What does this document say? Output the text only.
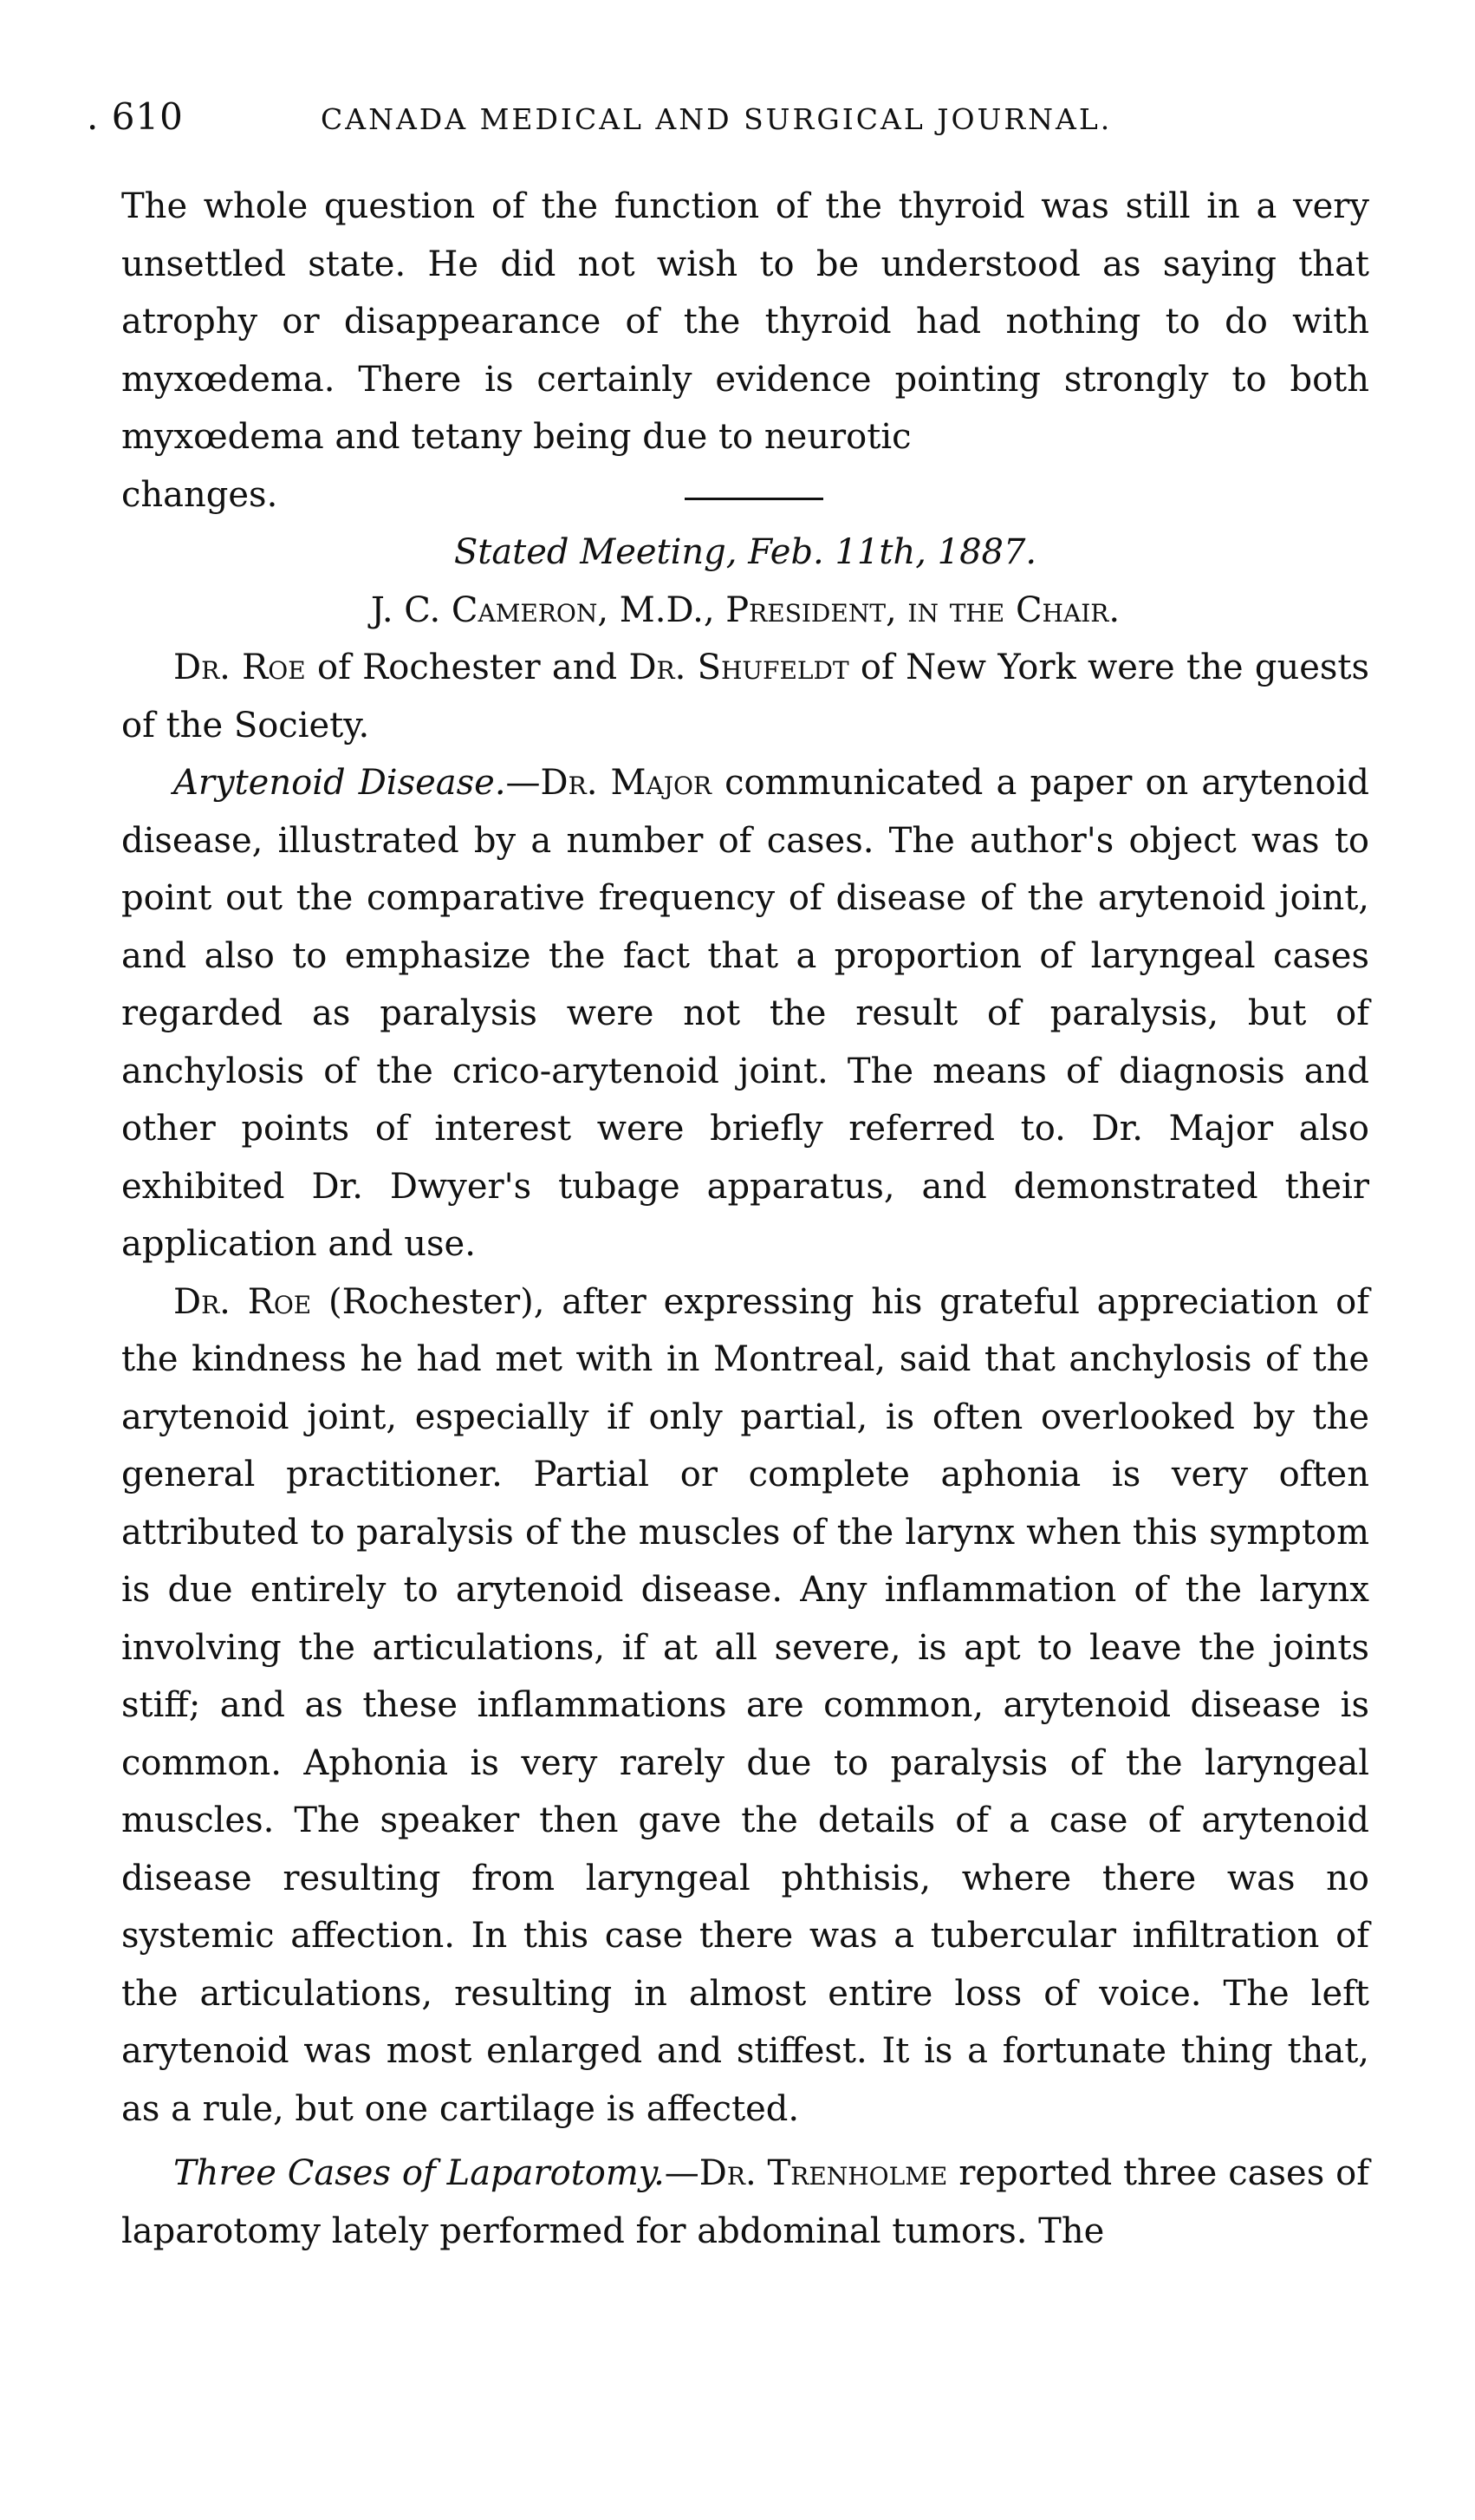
. 610	CANADA MEDICAL AND SURGICAL JOURNAL.

The whole question of the function of the thyroid was still in a very unsettled state. He did not wish to be understood as saying that atrophy or disappearance of the thyroid had nothing to do with myxœdema. There is certainly evidence pointing strongly to both myxœdema and tetany being due to neurotic

changes.

Stated Meeting, Feb. 11th, 1887.

J. C. Cameron, M.D., President, in the Chair.

Dr. Roe of Rochester and Dr. Shufeldt of New York were the guests of the Society.

Arytenoid Disease.—Dr. Major communicated a paper on arytenoid disease, illustrated by a number of cases. The author's object was to point out the comparative frequency of disease of the arytenoid joint, and also to emphasize the fact that a proportion of laryngeal cases regarded as paralysis were not the result of paralysis, but of anchylosis of the crico-arytenoid joint. The means of diagnosis and other points of interest were briefly referred to. Dr. Major also exhibited Dr. Dwyer's tubage apparatus, and demonstrated their application and use.

Dr. Roe (Rochester), after expressing his grateful appreciation of the kindness he had met with in Montreal, said that anchylosis of the arytenoid joint, especially if only partial, is often overlooked by the general practitioner. Partial or complete aphonia is very often attributed to paralysis of the muscles of the larynx when this symptom is due entirely to arytenoid disease. Any inflammation of the larynx involving the articulations, if at all severe, is apt to leave the joints stiff; and as these inflammations are common, arytenoid disease is common. Aphonia is very rarely due to paralysis of the laryngeal muscles. The speaker then gave the details of a case of arytenoid disease resulting from laryngeal phthisis, where there was no systemic affection. In this case there was a tubercular infiltration of the articulations, resulting in almost entire loss of voice. The left arytenoid was most enlarged and stiffest. It is a fortunate thing that, as a rule, but one cartilage is affected.

Three Cases of Laparotomy.—Dr. Trenholme reported three cases of laparotomy lately performed for abdominal tumors. The
